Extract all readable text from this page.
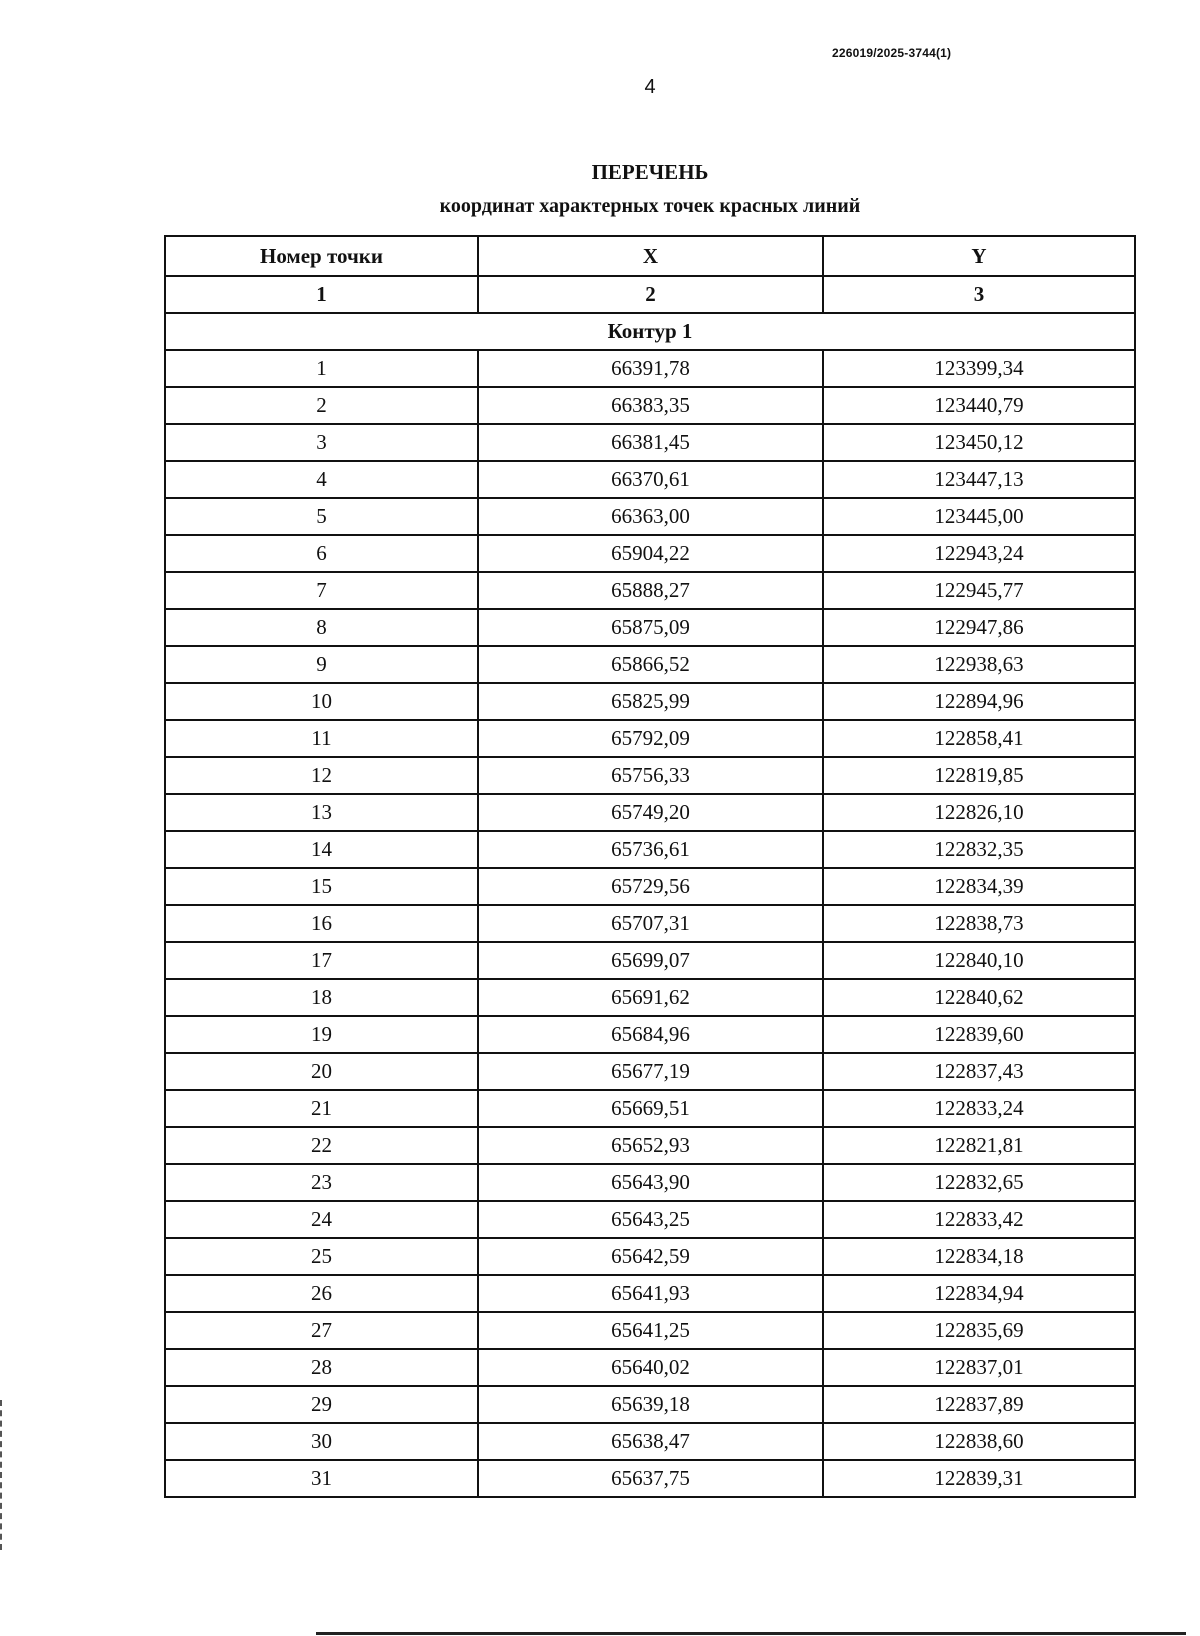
226019/2025-3744(1)
4
ПЕРЕЧЕНЬ
координат характерных точек красных линий
Номер точки	X	Y
1	2	3
Контур 1		
1	66391,78	123399,34
2	66383,35	123440,79
3	66381,45	123450,12
4	66370,61	123447,13
5	66363,00	123445,00
6	65904,22	122943,24
7	65888,27	122945,77
8	65875,09	122947,86
9	65866,52	122938,63
10	65825,99	122894,96
11	65792,09	122858,41
12	65756,33	122819,85
13	65749,20	122826,10
14	65736,61	122832,35
15	65729,56	122834,39
16	65707,31	122838,73
17	65699,07	122840,10
18	65691,62	122840,62
19	65684,96	122839,60
20	65677,19	122837,43
21	65669,51	122833,24
22	65652,93	122821,81
23	65643,90	122832,65
24	65643,25	122833,42
25	65642,59	122834,18
26	65641,93	122834,94
27	65641,25	122835,69
28	65640,02	122837,01
29	65639,18	122837,89
30	65638,47	122838,60
31	65637,75	122839,31
